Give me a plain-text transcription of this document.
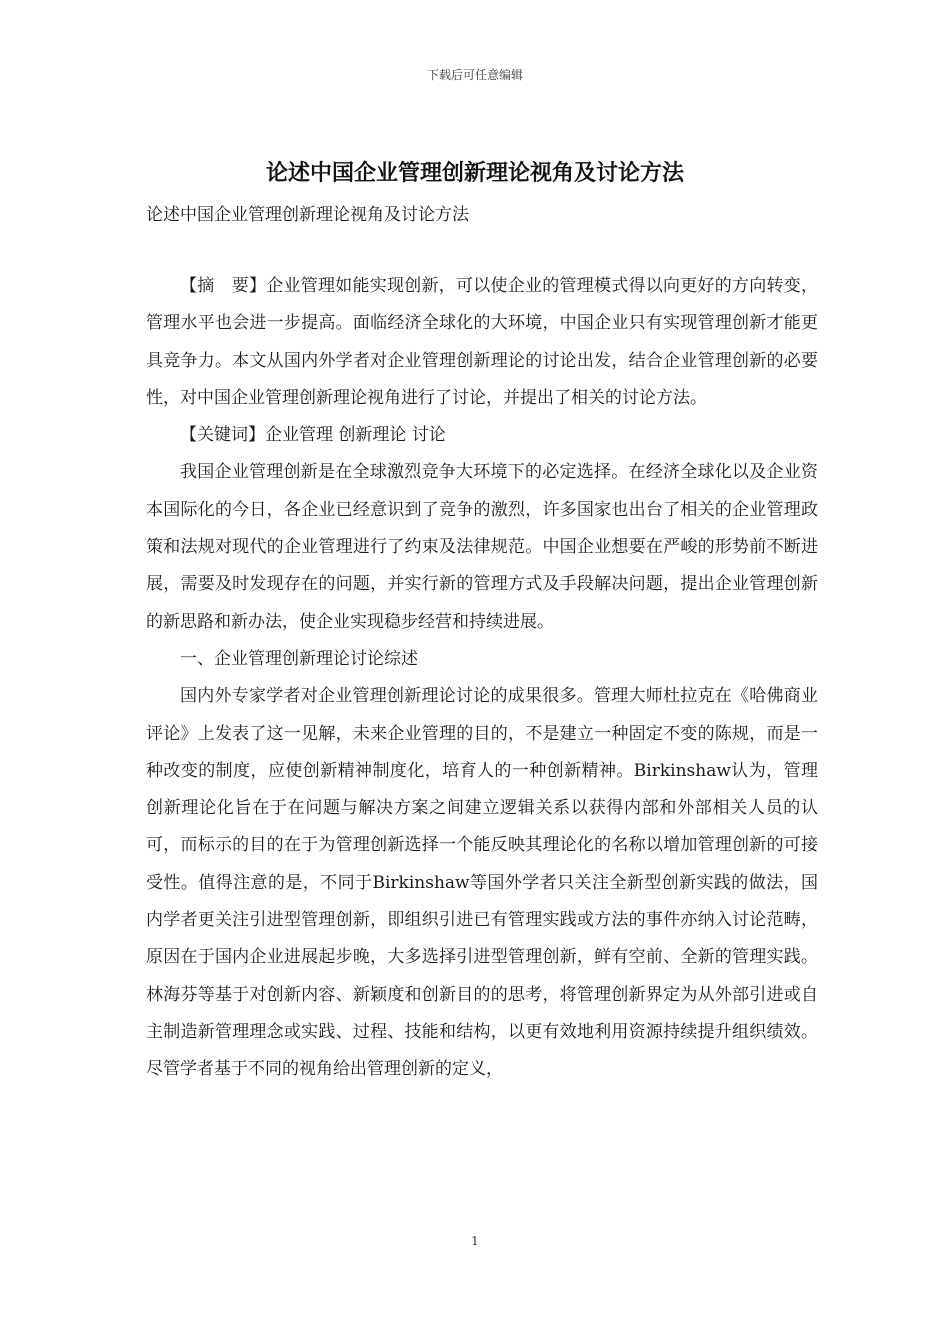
下载后可任意编辑
论述中国企业管理创新理论视角及讨论方法
论述中国企业管理创新理论视角及讨论方法

【摘　要】企业管理如能实现创新，可以使企业的管理模式得以向更好的方向转变，管理水平也会进一步提高。面临经济全球化的大环境，中国企业只有实现管理创新才能更具竞争力。本文从国内外学者对企业管理创新理论的讨论出发，结合企业管理创新的必要性，对中国企业管理创新理论视角进行了讨论，并提出了相关的讨论方法。

【关键词】企业管理 创新理论 讨论

我国企业管理创新是在全球激烈竞争大环境下的必定选择。在经济全球化以及企业资本国际化的今日，各企业已经意识到了竞争的激烈，许多国家也出台了相关的企业管理政策和法规对现代的企业管理进行了约束及法律规范。中国企业想要在严峻的形势前不断进展，需要及时发现存在的问题，并实行新的管理方式及手段解决问题，提出企业管理创新的新思路和新办法，使企业实现稳步经营和持续进展。

一、企业管理创新理论讨论综述

国内外专家学者对企业管理创新理论讨论的成果很多。管理大师杜拉克在《哈佛商业评论》上发表了这一见解，未来企业管理的目的，不是建立一种固定不变的陈规，而是一种改变的制度，应使创新精神制度化，培育人的一种创新精神。Birkinshaw认为，管理创新理论化旨在于在问题与解决方案之间建立逻辑关系以获得内部和外部相关人员的认可，而标示的目的在于为管理创新选择一个能反映其理论化的名称以增加管理创新的可接受性。值得注意的是，不同于Birkinshaw等国外学者只关注全新型创新实践的做法，国内学者更关注引进型管理创新，即组织引进已有管理实践或方法的事件亦纳入讨论范畴，原因在于国内企业进展起步晚，大多选择引进型管理创新，鲜有空前、全新的管理实践。林海芬等基于对创新内容、新颖度和创新目的的思考，将管理创新界定为从外部引进或自主制造新管理理念或实践、过程、技能和结构，以更有效地利用资源持续提升组织绩效。尽管学者基于不同的视角给出管理创新的定义，

1
